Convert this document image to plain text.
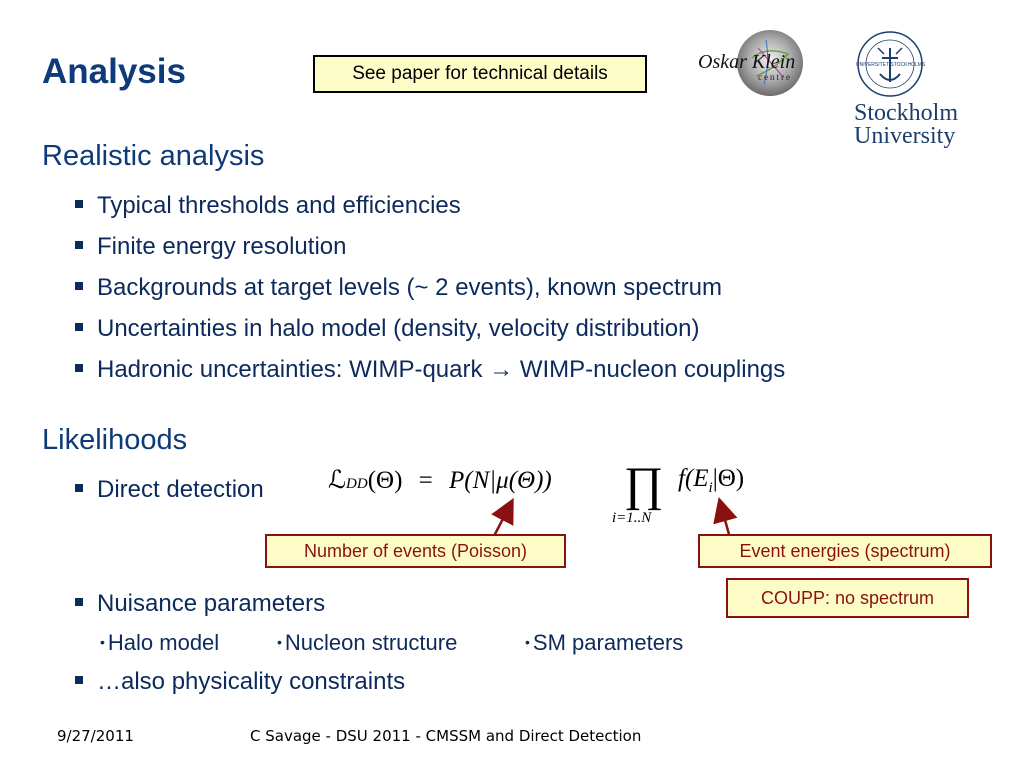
Analysis	See paper for technical details
Oskar Klein
centre
UNIVERSITET STOCKHOLMS
Stockholm
University
Realistic analysis
Typical thresholds and efficiencies
Finite energy resolution
Backgrounds at target levels (~ 2 events), known spectrum
Uncertainties in halo model (density, velocity distribution)
Hadronic uncertainties: WIMP-quark → WIMP-nucleon couplings
Likelihoods
Direct detection	ℒDD(Θ) = P(N|μ(Θ)) ∏
i=1..N
$f(E_i|\Theta)$
Number of events (Poisson)	Event energies (spectrum)
COUPP: no spectrum
Nuisance parameters
• Halo model	• Nucleon structure	• SM parameters
…also physicality constraints
9/27/2011	C Savage - DSU 2011 - CMSSM and Direct Detection
